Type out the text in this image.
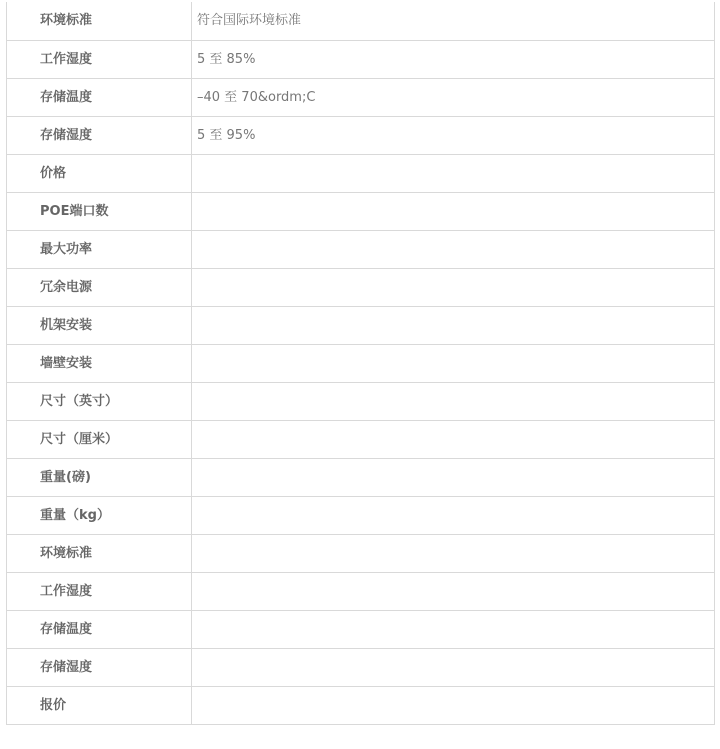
环境标准	符合国际环境标准
工作湿度	5 至 85%
存储温度	–40 至 70&ordm;C
存储湿度	5 至 95%
价格	
POE端口数	
最大功率	
冗余电源	
机架安装	
墙壁安装	
尺寸（英寸）	
尺寸（厘米）	
重量(磅)	
重量（kg）	
环境标准	
工作湿度	
存储温度	
存储湿度	
报价	
